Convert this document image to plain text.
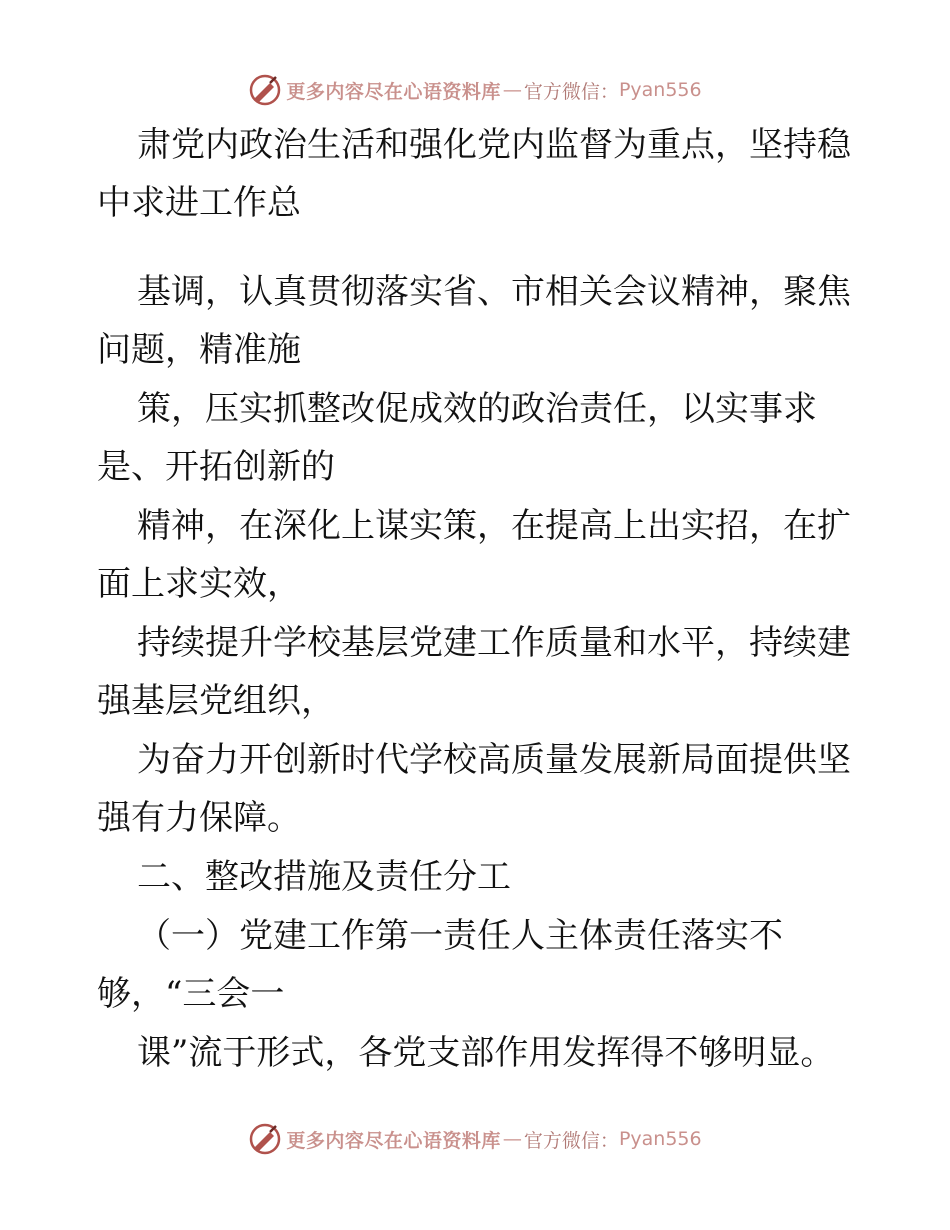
更多内容尽在心语资料库 — 官方微信： Pyan556

肃党内政治生活和强化党内监督为重点，坚持稳

中求进工作总

基调，认真贯彻落实省、市相关会议精神，聚焦

问题，精准施

策，压实抓整改促成效的政治责任，以实事求

是、开拓创新的

精神，在深化上谋实策，在提高上出实招，在扩

面上求实效，

持续提升学校基层党建工作质量和水平，持续建

强基层党组织，

为奋力开创新时代学校高质量发展新局面提供坚

强有力保障。

二、整改措施及责任分工

（一）党建工作第一责任人主体责任落实不

够，“三会一

课”流于形式，各党支部作用发挥得不够明显。

更多内容尽在心语资料库 — 官方微信： Pyan556
